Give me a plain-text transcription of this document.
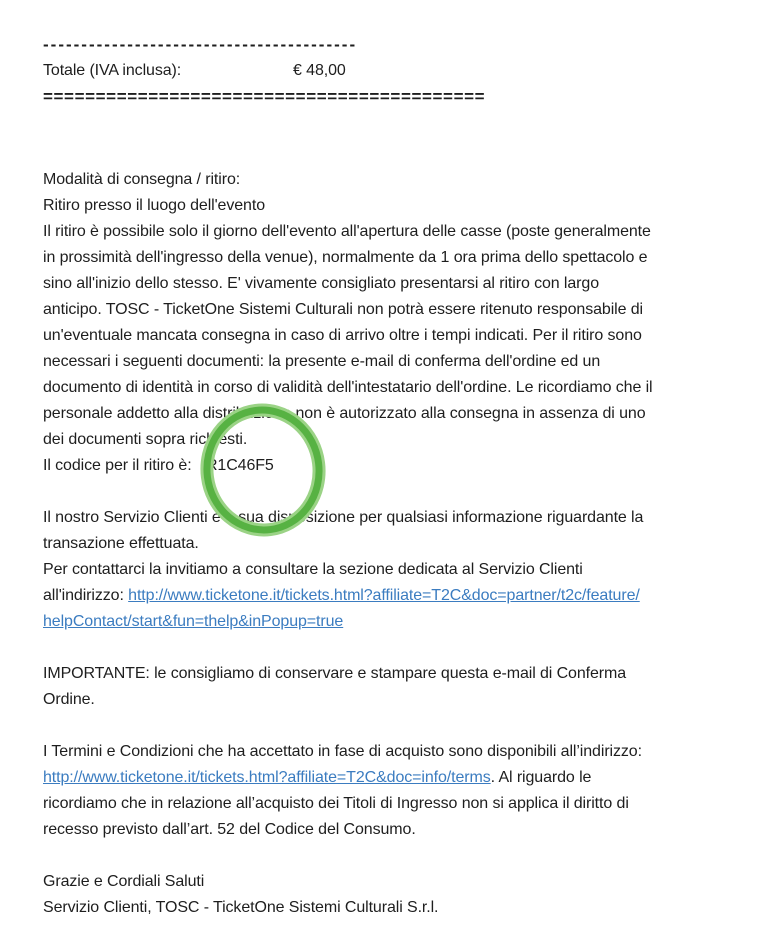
-----------------------------------------
Totale (IVA inclusa):	€ 48,00
==========================================
Modalità di consegna / ritiro:
Ritiro presso il luogo dell'evento
Il ritiro è possibile solo il giorno dell'evento all'apertura delle casse (poste generalmente
in prossimità dell'ingresso della venue), normalmente da 1 ora prima dello spettacolo e
sino all'inizio dello stesso. E' vivamente consigliato presentarsi al ritiro con largo
anticipo. TOSC - TicketOne Sistemi Culturali non potrà essere ritenuto responsabile di
un'eventuale mancata consegna in caso di arrivo oltre i tempi indicati. Per il ritiro sono
necessari i seguenti documenti: la presente e-mail di conferma dell'ordine ed un
documento di identità in corso di validità dell'intestatario dell'ordine. Le ricordiamo che il
personale addetto alla distribuzione non è autorizzato alla consegna in assenza di uno
dei documenti sopra richiesti.
Il codice per il ritiro è: R1C46F5
Il nostro Servizio Clienti è a sua disposizione per qualsiasi informazione riguardante la
transazione effettuata.
Per contattarci la invitiamo a consultare la sezione dedicata al Servizio Clienti
all'indirizzo: http://www.ticketone.it/tickets.html?affiliate=T2C&doc=partner/t2c/feature/
helpContact/start&fun=thelp&inPopup=true
IMPORTANTE: le consigliamo di conservare e stampare questa e-mail di Conferma
Ordine.
I Termini e Condizioni che ha accettato in fase di acquisto sono disponibili all’indirizzo:
http://www.ticketone.it/tickets.html?affiliate=T2C&doc=info/terms. Al riguardo le
ricordiamo che in relazione all’acquisto dei Titoli di Ingresso non si applica il diritto di
recesso previsto dall’art. 52 del Codice del Consumo.
Grazie e Cordiali Saluti
Servizio Clienti, TOSC - TicketOne Sistemi Culturali S.r.l.
